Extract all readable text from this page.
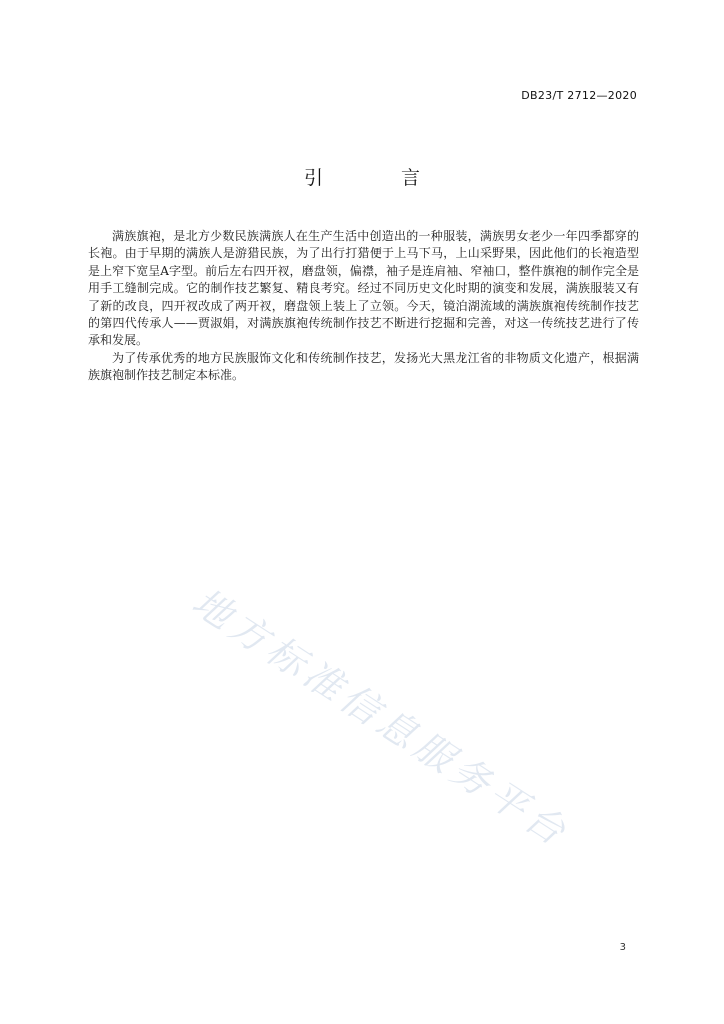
DB23/T 2712—2020
引 言

满族旗袍，是北方少数民族满族人在生产生活中创造出的一种服装，满族男女老少一年四季都穿的长袍。由于早期的满族人是游猎民族，为了出行打猎便于上马下马，上山采野果，因此他们的长袍造型是上窄下宽呈A字型。前后左右四开衩，磨盘领，偏襟，袖子是连肩袖、窄袖口，整件旗袍的制作完全是用手工缝制完成。它的制作技艺繁复、精良考究。经过不同历史文化时期的演变和发展，满族服装又有了新的改良，四开衩改成了两开衩，磨盘领上装上了立领。今天，镜泊湖流域的满族旗袍传统制作技艺的第四代传承人——贾淑娟，对满族旗袍传统制作技艺不断进行挖掘和完善，对这一传统技艺进行了传承和发展。

为了传承优秀的地方民族服饰文化和传统制作技艺，发扬光大黑龙江省的非物质文化遗产，根据满族旗袍制作技艺制定本标准。

地方标准信息服务平台
3
